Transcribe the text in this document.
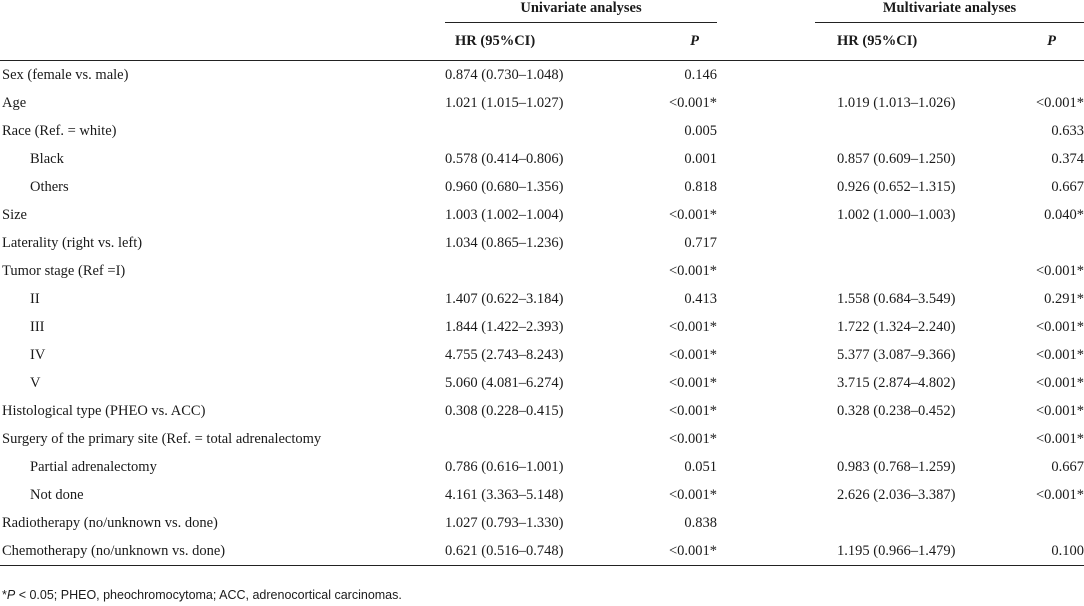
	Univariate analyses			Multivariate analyses	
	HR (95%CI)	P		HR (95%CI)	P
Sex (female vs. male)	0.874 (0.730–1.048)	0.146			
Age	1.021 (1.015–1.027)	<0.001*		1.019 (1.013–1.026)	<0.001*
Race (Ref. = white)		0.005			0.633
Black	0.578 (0.414–0.806)	0.001		0.857 (0.609–1.250)	0.374
Others	0.960 (0.680–1.356)	0.818		0.926 (0.652–1.315)	0.667
Size	1.003 (1.002–1.004)	<0.001*		1.002 (1.000–1.003)	0.040*
Laterality (right vs. left)	1.034 (0.865–1.236)	0.717			
Tumor stage (Ref =I)		<0.001*			<0.001*
II	1.407 (0.622–3.184)	0.413		1.558 (0.684–3.549)	0.291*
III	1.844 (1.422–2.393)	<0.001*		1.722 (1.324–2.240)	<0.001*
IV	4.755 (2.743–8.243)	<0.001*		5.377 (3.087–9.366)	<0.001*
V	5.060 (4.081–6.274)	<0.001*		3.715 (2.874–4.802)	<0.001*
Histological type (PHEO vs. ACC)	0.308 (0.228–0.415)	<0.001*		0.328 (0.238–0.452)	<0.001*
Surgery of the primary site (Ref. = total adrenalectomy		<0.001*			<0.001*
Partial adrenalectomy	0.786 (0.616–1.001)	0.051		0.983 (0.768–1.259)	0.667
Not done	4.161 (3.363–5.148)	<0.001*		2.626 (2.036–3.387)	<0.001*
Radiotherapy (no/unknown vs. done)	1.027 (0.793–1.330)	0.838			
Chemotherapy (no/unknown vs. done)	0.621 (0.516–0.748)	<0.001*		1.195 (0.966–1.479)	0.100
*P < 0.05; PHEO, pheochromocytoma; ACC, adrenocortical carcinomas.
